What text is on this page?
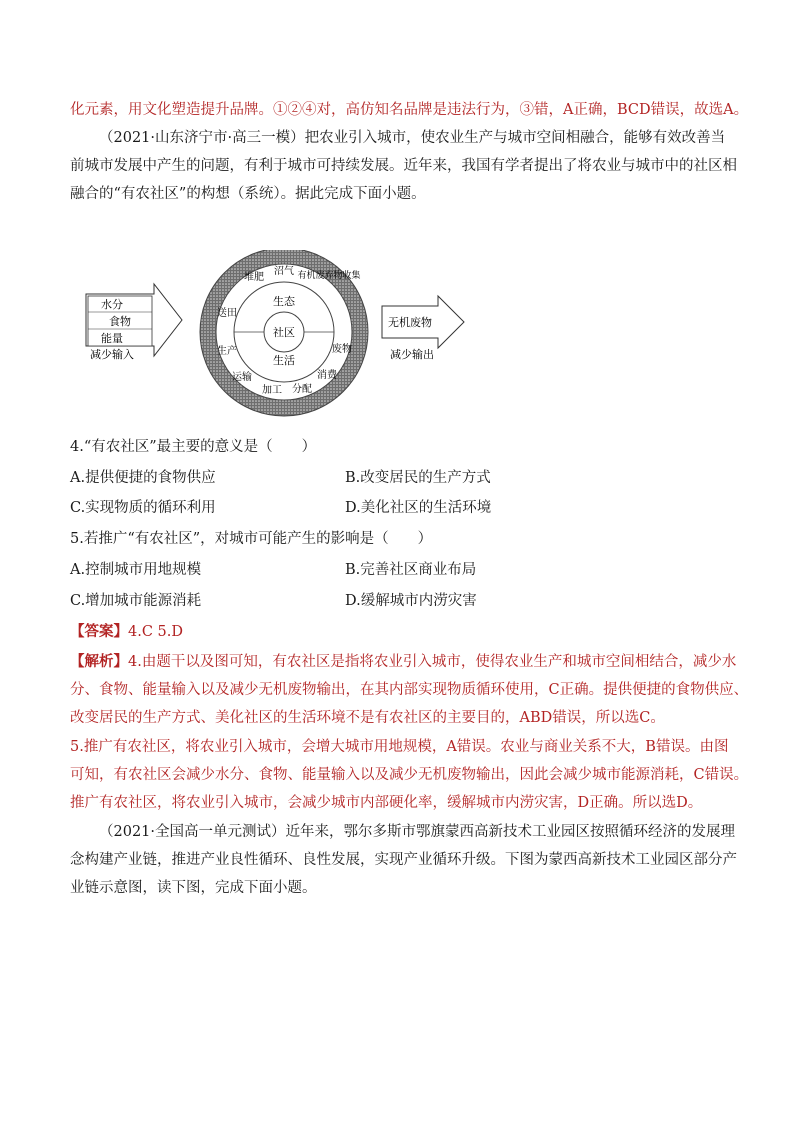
化元素，用文化塑造提升品牌。①②④对，高仿知名品牌是违法行为，③错，A正确，BCD错误，故选A。
（2021·山东济宁市·高三一模）把农业引入城市，使农业生产与城市空间相融合，能够有效改善当
前城市发展中产生的问题，有利于城市可持续发展。近年来，我国有学者提出了将农业与城市中的社区相
融合的“有农社区”的构想（系统）。据此完成下面小题。
水分
食物
能量
减少输入
社区
生态
生活
堆肥
沼气 有机废弃物收集
送田
生产
运输
加工 分配
消费
废物
无机废物
减少输出
4.“有农社区”最主要的意义是（　　）
A.提供便捷的食物供应	B.改变居民的生产方式
C.实现物质的循环利用	D.美化社区的生活环境
5.若推广“有农社区”，对城市可能产生的影响是（　　）
A.控制城市用地规模	B.完善社区商业布局
C.增加城市能源消耗	D.缓解城市内涝灾害
【答案】4.C 5.D
【解析】4.由题干以及图可知，有农社区是指将农业引入城市，使得农业生产和城市空间相结合，减少水
分、食物、能量输入以及减少无机废物输出，在其内部实现物质循环使用，C正确。提供便捷的食物供应、
改变居民的生产方式、美化社区的生活环境不是有农社区的主要目的，ABD错误，所以选C。
5.推广有农社区，将农业引入城市，会增大城市用地规模，A错误。农业与商业关系不大，B错误。由图
可知，有农社区会减少水分、食物、能量输入以及减少无机废物输出，因此会减少城市能源消耗，C错误。
推广有农社区，将农业引入城市，会减少城市内部硬化率，缓解城市内涝灾害，D正确。所以选D。
（2021·全国高一单元测试）近年来，鄂尔多斯市鄂旗蒙西高新技术工业园区按照循环经济的发展理
念构建产业链，推进产业良性循环、良性发展，实现产业循环升级。下图为蒙西高新技术工业园区部分产
业链示意图，读下图，完成下面小题。
